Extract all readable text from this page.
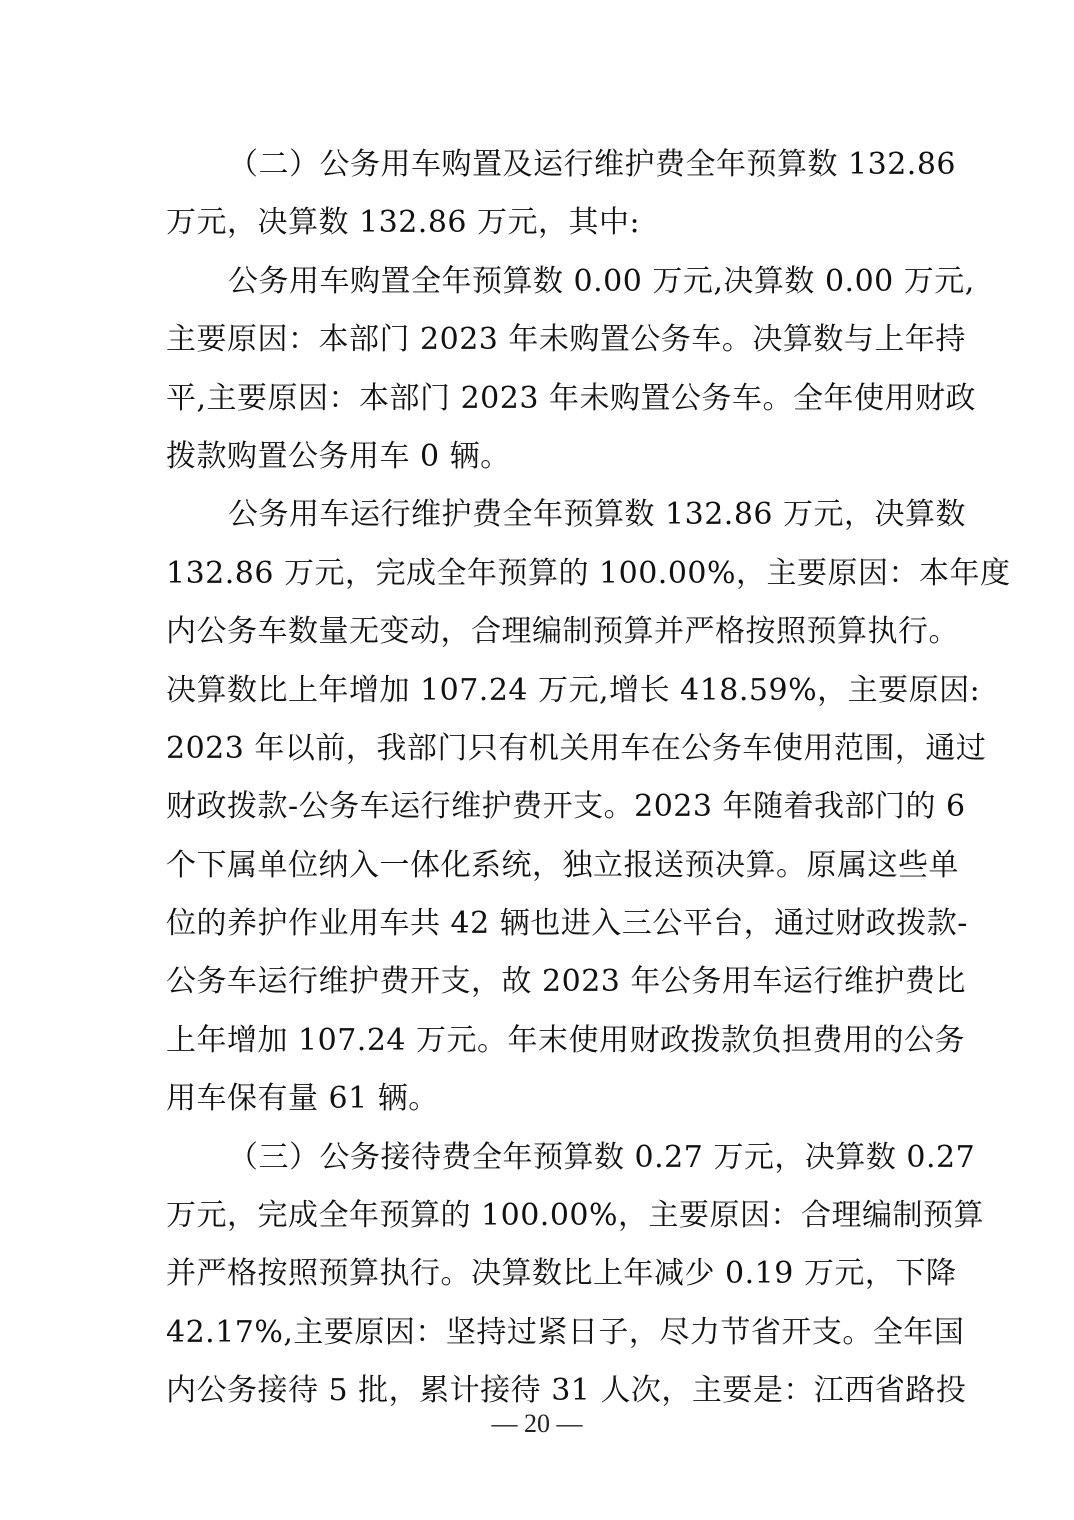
（二）公务用车购置及运行维护费全年预算数 132.86
万元，决算数 132.86 万元，其中:
公务用车购置全年预算数 0.00 万元,决算数 0.00 万元,
主要原因：本部门 2023 年未购置公务车。决算数与上年持
平,主要原因：本部门 2023 年未购置公务车。全年使用财政
拨款购置公务用车 0 辆。
公务用车运行维护费全年预算数 132.86 万元，决算数
132.86 万元，完成全年预算的 100.00%，主要原因：本年度
内公务车数量无变动，合理编制预算并严格按照预算执行。
决算数比上年增加 107.24 万元,增长 418.59%，主要原因:
2023 年以前，我部门只有机关用车在公务车使用范围，通过
财政拨款-公务车运行维护费开支。2023 年随着我部门的 6
个下属单位纳入一体化系统，独立报送预决算。原属这些单
位的养护作业用车共 42 辆也进入三公平台，通过财政拨款-
公务车运行维护费开支，故 2023 年公务用车运行维护费比
上年增加 107.24 万元。年末使用财政拨款负担费用的公务
用车保有量 61 辆。
（三）公务接待费全年预算数 0.27 万元，决算数 0.27
万元，完成全年预算的 100.00%，主要原因：合理编制预算
并严格按照预算执行。决算数比上年减少 0.19 万元，下降
42.17%,主要原因：坚持过紧日子，尽力节省开支。全年国
内公务接待 5 批，累计接待 31 人次，主要是：江西省路投
— 20 —
